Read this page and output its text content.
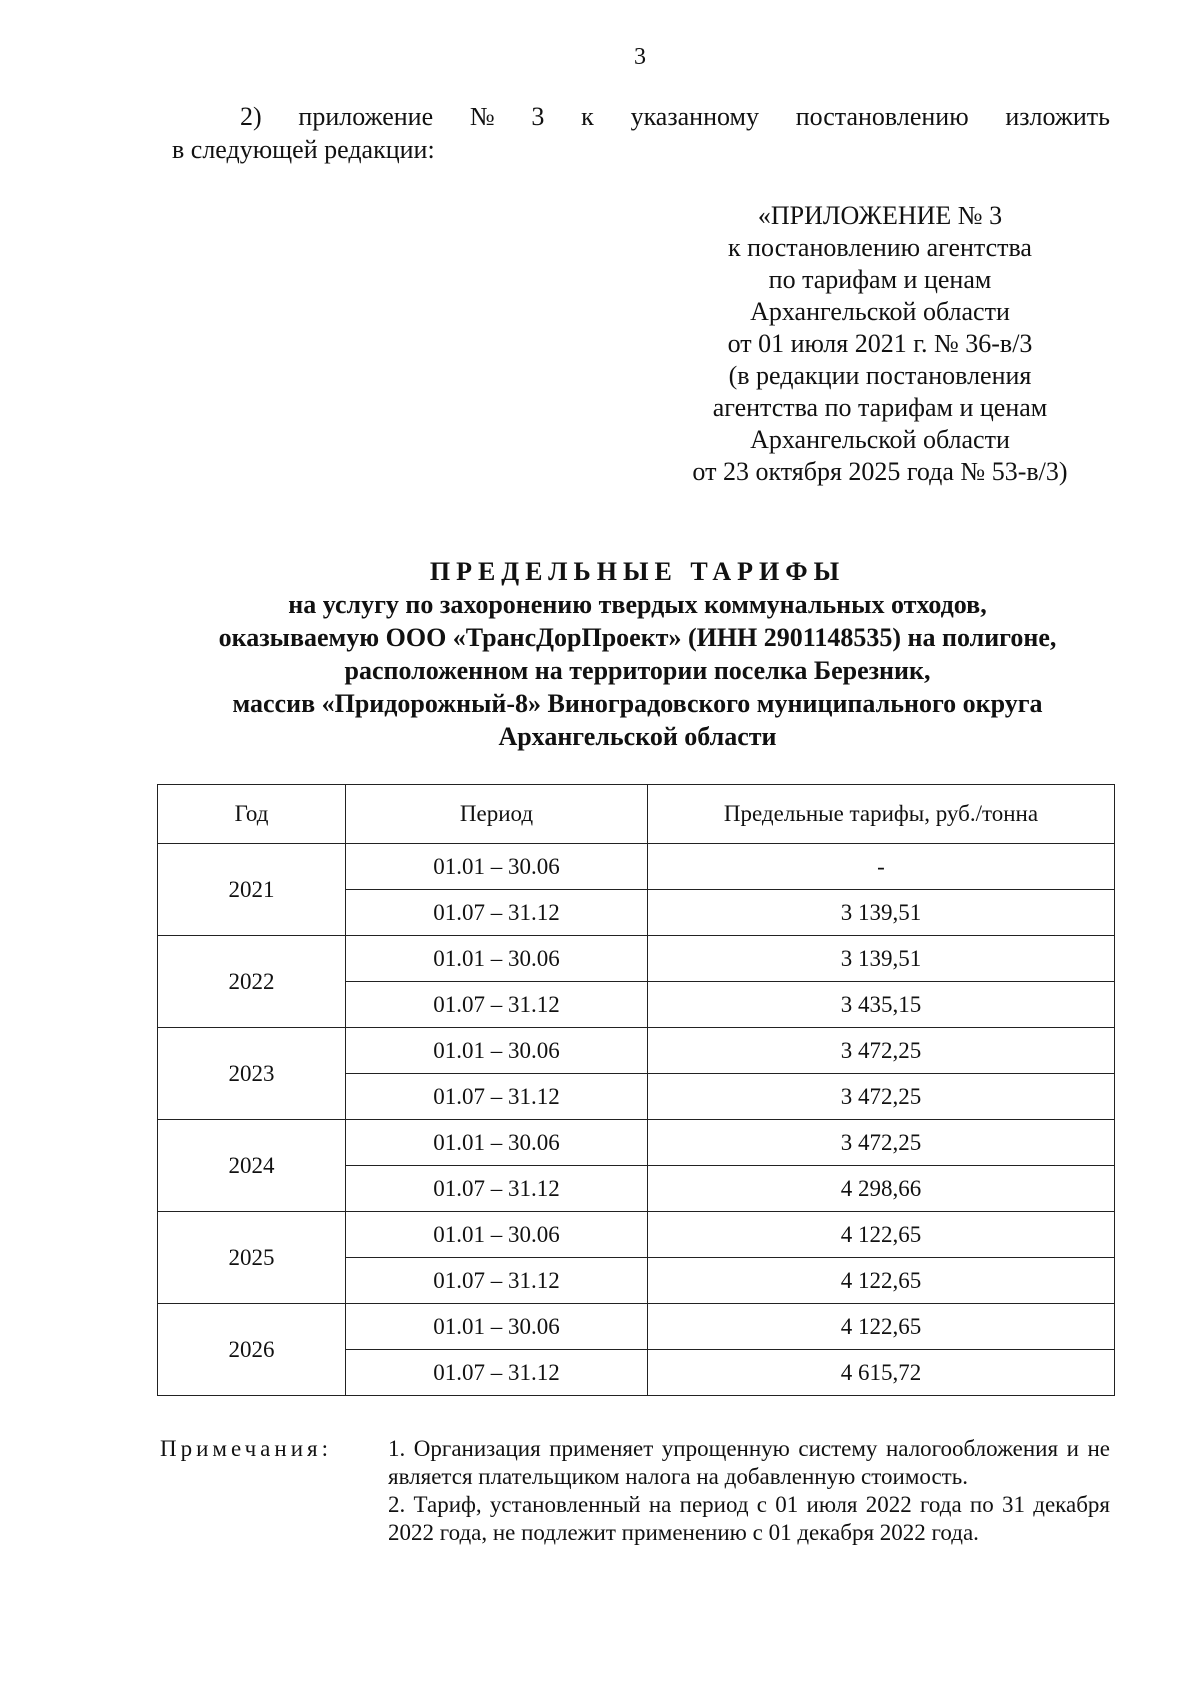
3
2) приложение № 3 к указанному постановлению изложить
в следующей редакции:
«ПРИЛОЖЕНИЕ № 3
к постановлению агентства
по тарифам и ценам
Архангельской области
от 01 июля 2021 г. № 36-в/3
(в редакции постановления
агентства по тарифам и ценам
Архангельской области
от 23 октября 2025 года № 53-в/3)
ПРЕДЕЛЬНЫЕ ТАРИФЫ
на услугу по захоронению твердых коммунальных отходов,
оказываемую ООО «ТрансДорПроект» (ИНН 2901148535) на полигоне,
расположенном на территории поселка Березник,
массив «Придорожный-8» Виноградовского муниципального округа
Архангельской области
Год	Период	Предельные тарифы, руб./тонна
2021	01.01 – 30.06	-
	01.07 – 31.12	3 139,51
2022	01.01 – 30.06	3 139,51
	01.07 – 31.12	3 435,15
2023	01.01 – 30.06	3 472,25
	01.07 – 31.12	3 472,25
2024	01.01 – 30.06	3 472,25
	01.07 – 31.12	4 298,66
2025	01.01 – 30.06	4 122,65
	01.07 – 31.12	4 122,65
2026	01.01 – 30.06	4 122,65
	01.07 – 31.12	4 615,72
Примечания:	1. Организация применяет упрощенную систему налогообложения и не является плательщиком налога на добавленную стоимость.

2. Тариф, установленный на период с 01 июля 2022 года по 31 декабря 2022 года, не подлежит применению с 01 декабря 2022 года.
